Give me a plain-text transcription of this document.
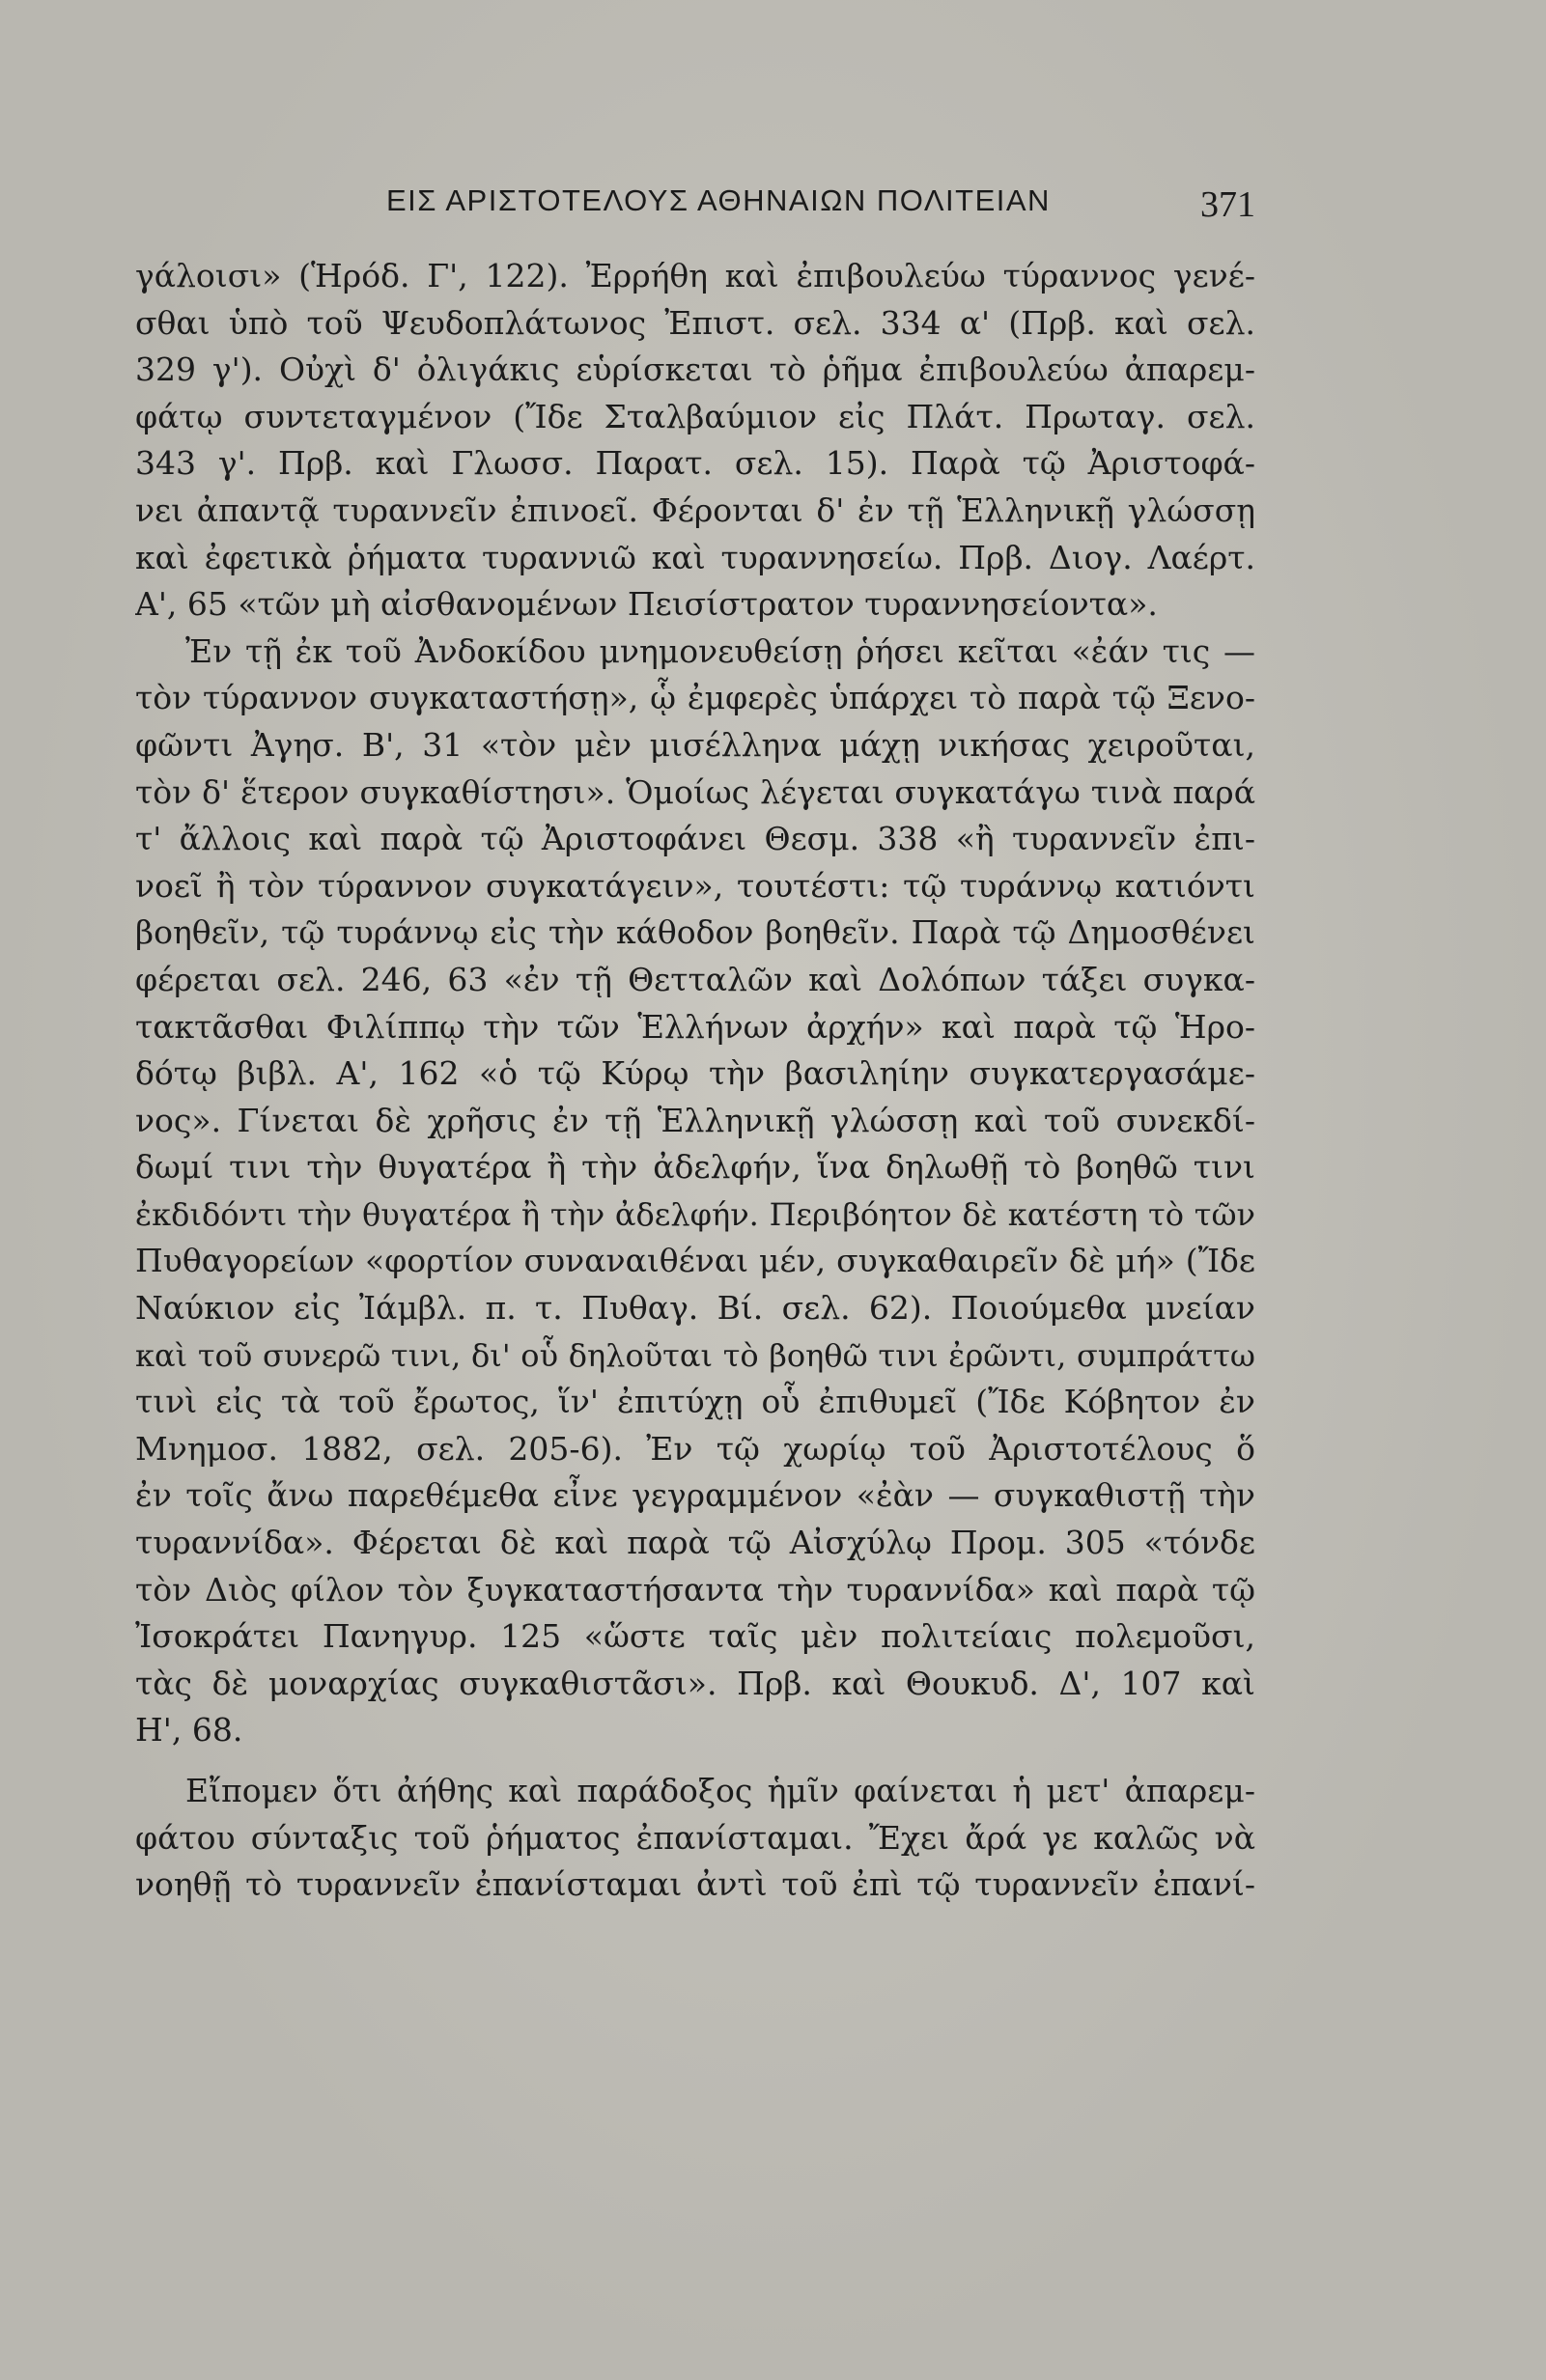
ΕΙΣ ΑΡΙΣΤΟΤΕΛΟΥΣ ΑΘΗΝΑΙΩΝ ΠΟΛΙΤΕΙΑΝ	371
γάλοισι» (Ἡρόδ. Γ', 122). Ἐρρήθη καὶ ἐπιβουλεύω τύραννος γενέ-
σθαι ὑπὸ τοῦ Ψευδοπλάτωνος Ἐπιστ. σελ. 334 α' (Πρβ. καὶ σελ.
329 γ'). Οὐχὶ δ' ὀλιγάκις εὑρίσκεται τὸ ῥῆμα ἐπιβουλεύω ἀπαρεμ-
φάτῳ συντεταγμένον (Ἴδε Σταλβαύμιον εἰς Πλάτ. Πρωταγ. σελ.
343 γ'. Πρβ. καὶ Γλωσσ. Παρατ. σελ. 15). Παρὰ τῷ Ἀριστοφά-
νει ἀπαντᾷ τυραννεῖν ἐπινοεῖ. Φέρονται δ' ἐν τῇ Ἑλληνικῇ γλώσσῃ
καὶ ἐφετικὰ ῥήματα τυραννιῶ καὶ τυραννησείω. Πρβ. Διογ. Λαέρτ.
Α', 65 «τῶν μὴ αἰσθανομένων Πεισίστρατον τυραννησείοντα».
Ἐν τῇ ἐκ τοῦ Ἀνδοκίδου μνημονευθείσῃ ῥήσει κεῖται «ἐάν τις —
τὸν τύραννον συγκαταστήσῃ», ᾧ ἐμφερὲς ὑπάρχει τὸ παρὰ τῷ Ξενο-
φῶντι Ἀγησ. Β', 31 «τὸν μὲν μισέλληνα μάχῃ νικήσας χειροῦται,
τὸν δ' ἕτερον συγκαθίστησι». Ὁμοίως λέγεται συγκατάγω τινὰ παρά
τ' ἄλλοις καὶ παρὰ τῷ Ἀριστοφάνει Θεσμ. 338 «ἢ τυραννεῖν ἐπι-
νοεῖ ἢ τὸν τύραννον συγκατάγειν», τουτέστι: τῷ τυράννῳ κατιόντι
βοηθεῖν, τῷ τυράννῳ εἰς τὴν κάθοδον βοηθεῖν. Παρὰ τῷ Δημοσθένει
φέρεται σελ. 246, 63 «ἐν τῇ Θετταλῶν καὶ Δολόπων τάξει συγκα-
τακτᾶσθαι Φιλίππῳ τὴν τῶν Ἑλλήνων ἀρχήν» καὶ παρὰ τῷ Ἡρο-
δότῳ βιβλ. Α', 162 «ὁ τῷ Κύρῳ τὴν βασιληίην συγκατεργασάμε-
νος». Γίνεται δὲ χρῆσις ἐν τῇ Ἑλληνικῇ γλώσσῃ καὶ τοῦ συνεκδί-
δωμί τινι τὴν θυγατέρα ἢ τὴν ἀδελφήν, ἵνα δηλωθῇ τὸ βοηθῶ τινι
ἐκδιδόντι τὴν θυγατέρα ἢ τὴν ἀδελφήν. Περιβόητον δὲ κατέστη τὸ τῶν
Πυθαγορείων «φορτίον συναναιθέναι μέν, συγκαθαιρεῖν δὲ μή» (Ἴδε
Ναύκιον εἰς Ἰάμβλ. π. τ. Πυθαγ. Βί. σελ. 62). Ποιούμεθα μνείαν
καὶ τοῦ συνερῶ τινι, δι' οὗ δηλοῦται τὸ βοηθῶ τινι ἐρῶντι, συμπράττω
τινὶ εἰς τὰ τοῦ ἔρωτος, ἵν' ἐπιτύχῃ οὗ ἐπιθυμεῖ (Ἴδε Κόβητον ἐν
Μνημοσ. 1882, σελ. 205-6). Ἐν τῷ χωρίῳ τοῦ Ἀριστοτέλους ὅ
ἐν τοῖς ἄνω παρεθέμεθα εἶνε γεγραμμένον «ἐὰν — συγκαθιστῇ τὴν
τυραννίδα». Φέρεται δὲ καὶ παρὰ τῷ Αἰσχύλῳ Προμ. 305 «τόνδε
τὸν Διὸς φίλον τὸν ξυγκαταστήσαντα τὴν τυραννίδα» καὶ παρὰ τῷ
Ἰσοκράτει Πανηγυρ. 125 «ὥστε ταῖς μὲν πολιτείαις πολεμοῦσι,
τὰς δὲ μοναρχίας συγκαθιστᾶσι». Πρβ. καὶ Θουκυδ. Δ', 107 καὶ
Η', 68.
Εἴπομεν ὅτι ἀήθης καὶ παράδοξος ἡμῖν φαίνεται ἡ μετ' ἀπαρεμ-
φάτου σύνταξις τοῦ ῥήματος ἐπανίσταμαι. Ἔχει ἄρά γε καλῶς νὰ
νοηθῇ τὸ τυραννεῖν ἐπανίσταμαι ἀντὶ τοῦ ἐπὶ τῷ τυραννεῖν ἐπανί-
